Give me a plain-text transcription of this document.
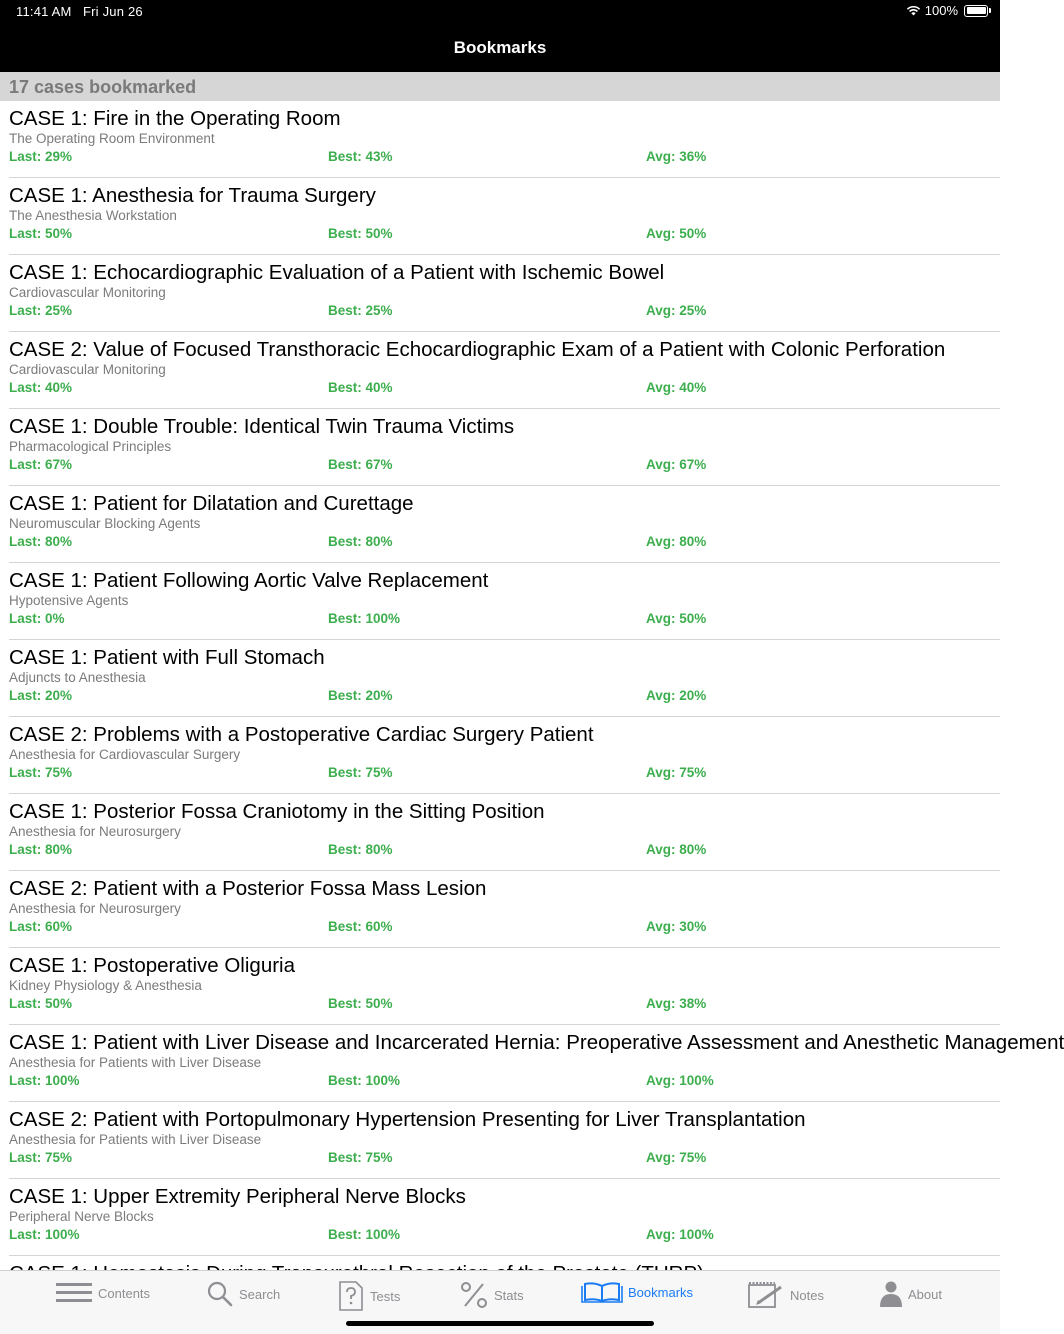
11:41 AM Fri Jun 26	100%
Bookmarks
17 cases bookmarked
CASE 1: Fire in the Operating Room
The Operating Room Environment
Last: 29%	Best: 43%	Avg: 36%
CASE 1: Anesthesia for Trauma Surgery
The Anesthesia Workstation
Last: 50%	Best: 50%	Avg: 50%
CASE 1: Echocardiographic Evaluation of a Patient with Ischemic Bowel
Cardiovascular Monitoring
Last: 25%	Best: 25%	Avg: 25%
CASE 2: Value of Focused Transthoracic Echocardiographic Exam of a Patient with Colonic Perforation
Cardiovascular Monitoring
Last: 40%	Best: 40%	Avg: 40%
CASE 1: Double Trouble: Identical Twin Trauma Victims
Pharmacological Principles
Last: 67%	Best: 67%	Avg: 67%
CASE 1: Patient for Dilatation and Curettage
Neuromuscular Blocking Agents
Last: 80%	Best: 80%	Avg: 80%
CASE 1: Patient Following Aortic Valve Replacement
Hypotensive Agents
Last: 0%	Best: 100%	Avg: 50%
CASE 1: Patient with Full Stomach
Adjuncts to Anesthesia
Last: 20%	Best: 20%	Avg: 20%
CASE 2: Problems with a Postoperative Cardiac Surgery Patient
Anesthesia for Cardiovascular Surgery
Last: 75%	Best: 75%	Avg: 75%
CASE 1: Posterior Fossa Craniotomy in the Sitting Position
Anesthesia for Neurosurgery
Last: 80%	Best: 80%	Avg: 80%
CASE 2: Patient with a Posterior Fossa Mass Lesion
Anesthesia for Neurosurgery
Last: 60%	Best: 60%	Avg: 30%
CASE 1: Postoperative Oliguria
Kidney Physiology & Anesthesia
Last: 50%	Best: 50%	Avg: 38%
CASE 1: Patient with Liver Disease and Incarcerated Hernia: Preoperative Assessment and Anesthetic Management
Anesthesia for Patients with Liver Disease
Last: 100%	Best: 100%	Avg: 100%
CASE 2: Patient with Portopulmonary Hypertension Presenting for Liver Transplantation
Anesthesia for Patients with Liver Disease
Last: 75%	Best: 75%	Avg: 75%
CASE 1: Upper Extremity Peripheral Nerve Blocks
Peripheral Nerve Blocks
Last: 100%	Best: 100%	Avg: 100%
Contents	Search	Tests	Stats	Bookmarks	Notes	About
